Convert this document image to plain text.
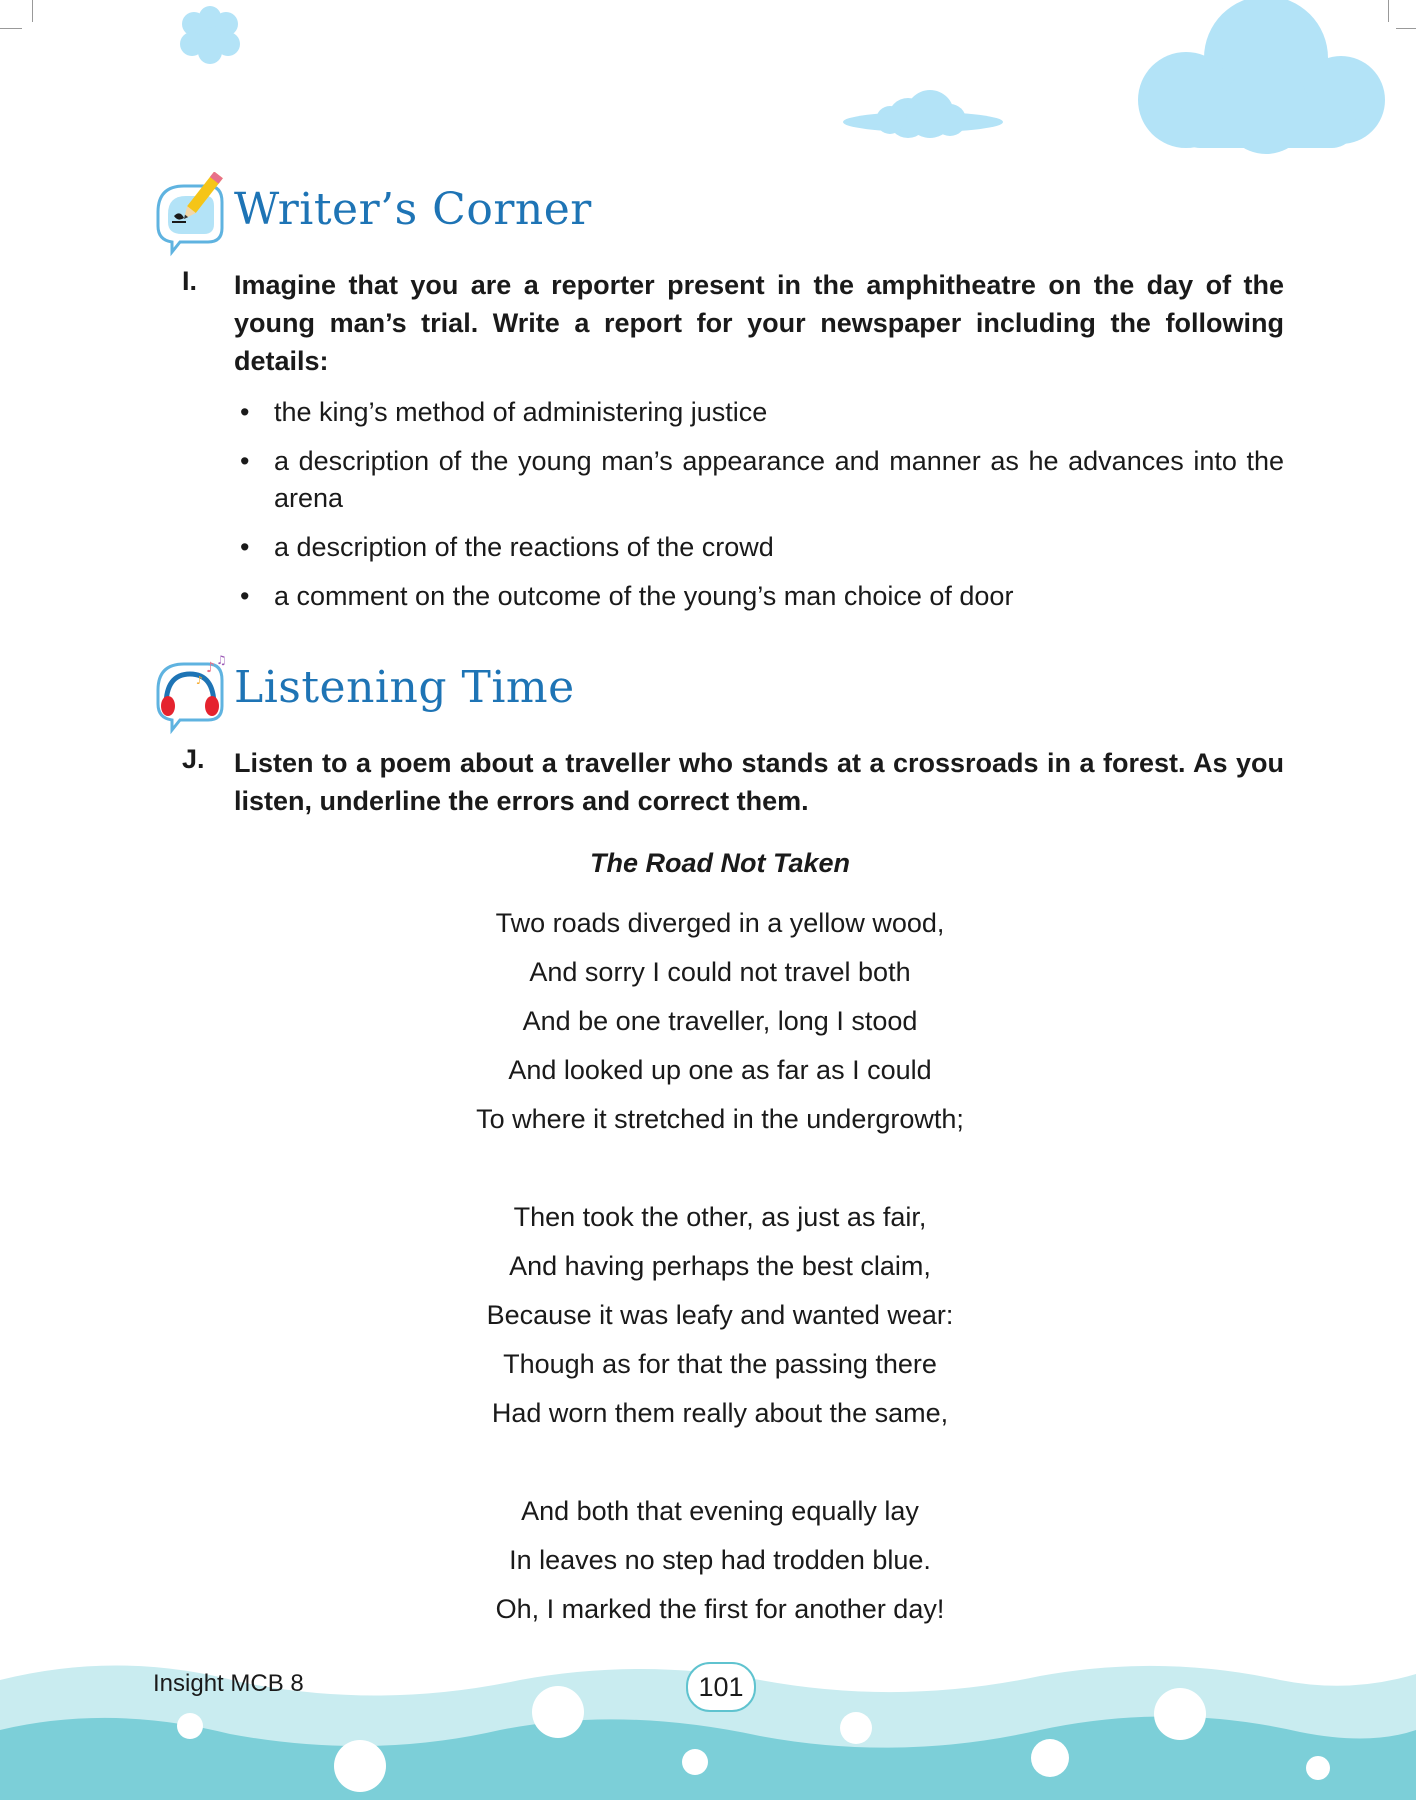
Writer’s Corner
I. Imagine that you are a reporter present in the amphitheatre on the day of the young man’s trial. Write a report for your newspaper including the following details:
• the king’s method of administering justice
• a description of the young man’s appearance and manner as he advances into the arena
• a description of the reactions of the crowd
• a comment on the outcome of the young’s man choice of door
♪ ♫
♪ Listening Time
J. Listen to a poem about a traveller who stands at a crossroads in a forest. As you listen, underline the errors and correct them.
The Road Not Taken
Two roads diverged in a yellow wood,
And sorry I could not travel both
And be one traveller, long I stood
And looked up one as far as I could
To where it stretched in the undergrowth;
Then took the other, as just as fair,
And having perhaps the best claim,
Because it was leafy and wanted wear:
Though as for that the passing there
Had worn them really about the same,
And both that evening equally lay
In leaves no step had trodden blue.
Oh, I marked the first for another day!
Insight MCB 8	101
